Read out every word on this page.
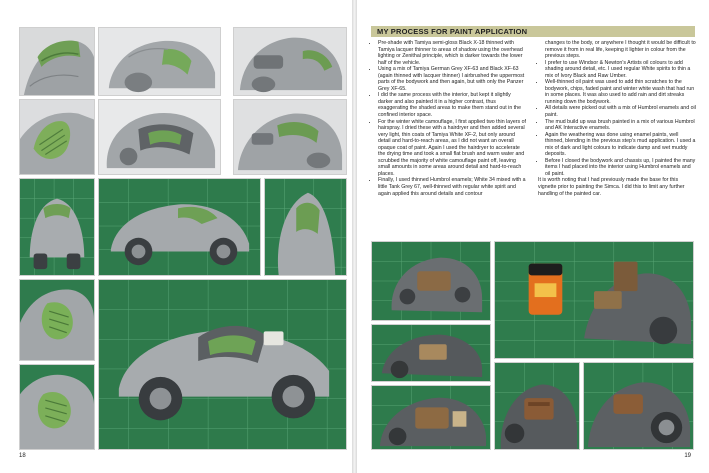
18
MY PROCESS FOR PAINT APPLICATION
• Pre-shade with Tamiya semi-gloss Black X-18 thinned with Tamiya lacquer thinner to areas of shadow using the overhead lighting or Zenithal principle, which is darker towards the lower half of the vehicle.
• Using a mix of Tamiya German Grey XF-63 and Black XF-63 (again thinned with lacquer thinner) I airbrushed the uppermost parts of the bodywork and then again, but with only the Panzer Grey XF-65.
• I did the same process with the interior, but kept it slightly darker and also painted it in a higher contrast, thus exaggerating the shaded areas to make them stand out in the confined interior space.
• For the winter white camouflage, I first applied two thin layers of hairspray. I dried these with a hairdryer and then added several very light, thin coats of Tamiya White XF-2, but only around detail and hard-to-reach areas, as I did not want an overall opaque coat of paint. Again I used the hairdryer to accelerate the drying time and took a small flat brush and warm water and scrubbed the majority of white camouflage paint off, leaving small amounts in some areas around detail and hard-to-reach places.
• Finally, I used thinned Humbrol enamels; White 34 mixed with a little Tank Grey 67, well-thinned with regular white spirit and again applied this around details and contour

changes to the body, or anywhere I thought it would be difficult to remove it from in real life, keeping it lighter in colour from the previous steps.

• I prefer to use Windsor & Newton's Artists oil colours to add shading around detail, etc. I used regular White spirits to thin a mix of Ivory Black and Raw Umber.
• Well-thinned oil paint was used to add thin scratches to the bodywork, chips, faded paint and winter white wash that had run in some places. It was also used to add rain and dirt streaks running down the bodywork.
• All details were picked out with a mix of Humbrol enamels and oil paint.
• The mud build up was brush painted in a mix of various Humbrol and AK Interactive enamels.
• Again the weathering was done using enamel paints, well thinned, blending in the previous step's mud application. I used a mix of dark and light colours to indicate damp and wet muddy deposits.
• Before I closed the bodywork and chassis up, I painted the many items I had placed into the interior using Humbrol enamels and oil paint.

It is worth noting that I had previously made the base for this vignette prior to painting the Simca. I did this to limit any further handling of the painted car.

19
